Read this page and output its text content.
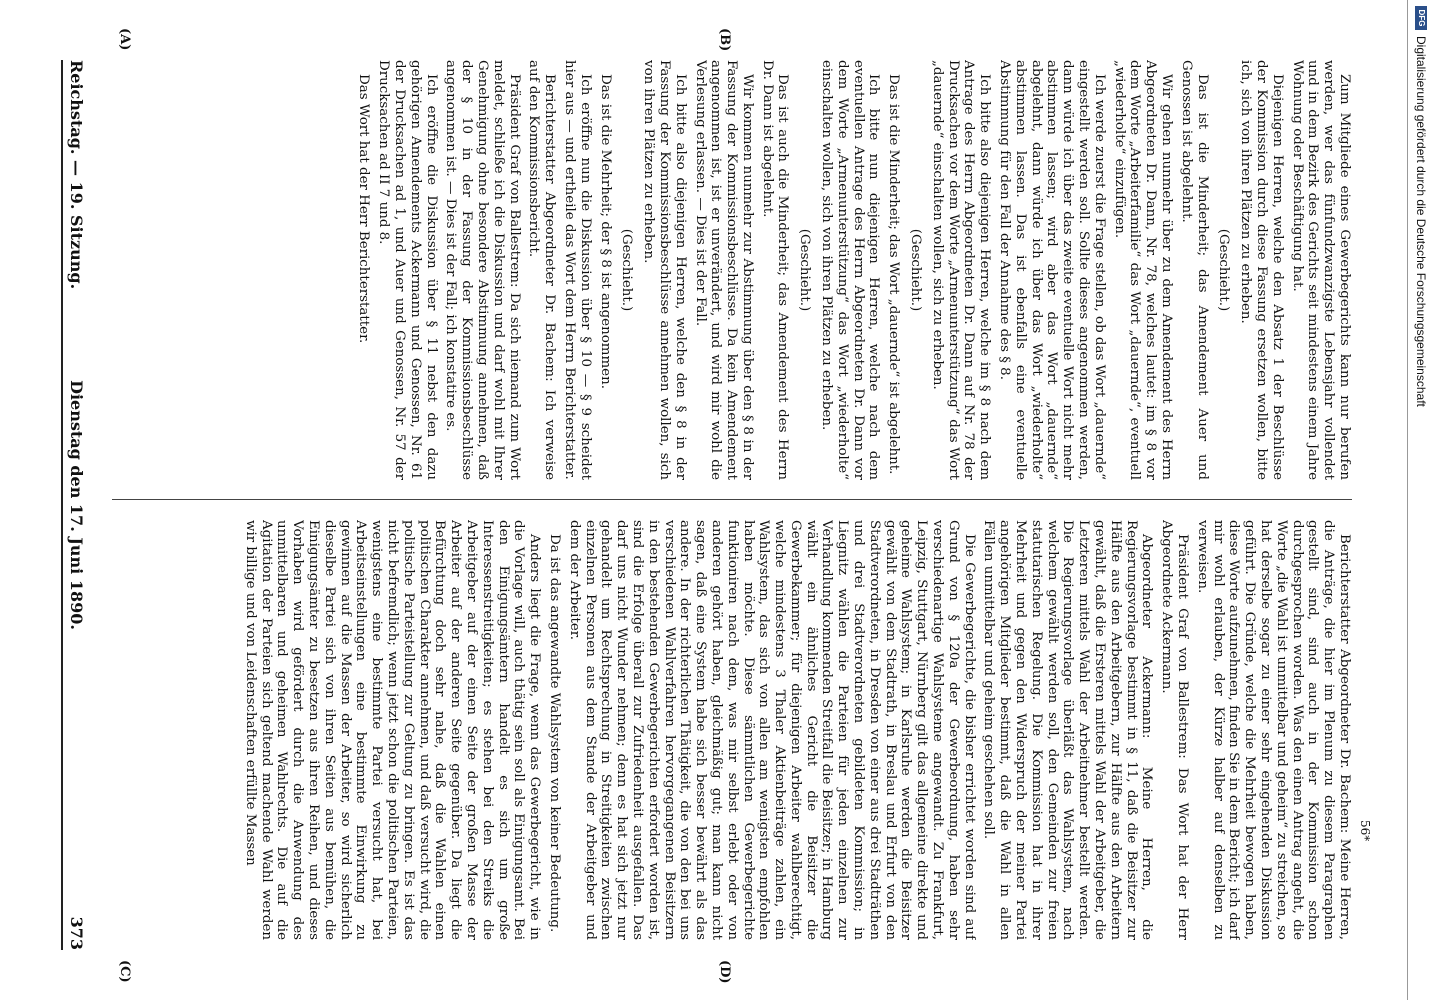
DFG
Digitalisierung gefördert durch die Deutsche Forschungsgemeinschaft
Reichstag. — 19. Sitzung.
Dienstag den 17. Juni 1890.
373
(A)	(B)
(C)	(D)

Zum Mitgliede eines Gewerbegerichts kann nur berufen werden, wer das fünfundzwanzigste Lebensjahr vollendet und in dem Bezirk des Gerichts seit mindestens einem Jahre Wohnung oder Beschäftigung hat.

Diejenigen Herren, welche den Absatz 1 der Beschlüsse der Kommission durch diese Fassung ersetzen wollen, bitte ich, sich von ihren Plätzen zu erheben.

(Geschieht.)

Das ist die Minderheit; das Amendement Auer und Genossen ist abgelehnt.

Wir gehen nunmehr über zu dem Amendement des Herrn Abgeordneten Dr. Dann, Nr. 78, welches lautet: im § 8 vor dem Worte „Arbeiterfamilie“ das Wort „dauernde“, eventuell „wiederholte“ einzufügen.

Ich werde zuerst die Frage stellen, ob das Wort „dauernde“ eingestellt werden soll. Sollte dieses angenommen werden, dann würde ich über das zweite eventuelle Wort nicht mehr abstimmen lassen; wird aber das Wort „dauernde“ abgelehnt, dann würde ich über das Wort „wiederholte“ abstimmen lassen. Das ist ebenfalls eine eventuelle Abstimmung für den Fall der Annahme des § 8.

Ich bitte also diejenigen Herren, welche im § 8 nach dem Antrage des Herrn Abgeordneten Dr. Dann auf Nr. 78 der Drucksachen vor dem Worte „Armenunterstützung“ das Wort „dauernde“ einschalten wollen, sich zu erheben.

(Geschieht.)

Das ist die Minderheit; das Wort „dauernde“ ist abgelehnt.

Ich bitte nun diejenigen Herren, welche nach dem eventuellen Antrage des Herrn Abgeordneten Dr. Dann vor dem Worte „Armenunterstützung“ das Wort „wiederholte“ einschalten wollen, sich von ihren Plätzen zu erheben.

(Geschieht.)

Das ist auch die Minderheit; das Amendement des Herrn Dr. Dann ist abgelehnt.

Wir kommen nunmehr zur Abstimmung über den § 8 in der Fassung der Kommissionsbeschlüsse. Da kein Amendement angenommen ist, ist er unverändert, und wird mir wohl die Verlesung erlassen. — Dies ist der Fall.

Ich bitte also diejenigen Herren, welche den § 8 in der Fassung der Kommissionsbeschlüsse annehmen wollen, sich von ihren Plätzen zu erheben.

(Geschieht.)

Das ist die Mehrheit; der § 8 ist angenommen.

Ich eröffne nun die Diskussion über § 10 — § 9 scheidet hier aus — und ertheile das Wort dem Herrn Berichterstatter.

Berichterstatter Abgeordneter Dr. Bachem: Ich verweise auf den Kommissionsbericht.

Präsident Graf von Ballestrem: Da sich niemand zum Wort meldet, schließe ich die Diskussion und darf wohl mit Ihrer Genehmigung ohne besondere Abstimmung annehmen, daß der § 10 in der Fassung der Kommissionsbeschlüsse angenommen ist. — Dies ist der Fall; ich konstatire es.

Ich eröffne die Diskussion über § 11 nebst den dazu gehörigen Amendements Ackermann und Genossen, Nr. 61 der Drucksachen ad 1, und Auer und Genossen, Nr. 57 der Drucksachen ad II 7 und 8.

Das Wort hat der Herr Berichterstatter.

Berichterstatter Abgeordneter Dr. Bachem: Meine Herren, die Anträge, die hier im Plenum zu diesem Paragraphen gestellt sind, sind auch in der Kommission schon durchgesprochen worden. Was den einen Antrag angeht, die Worte „die Wahl ist unmittelbar und geheim“ zu streichen, so hat derselbe sogar zu einer sehr eingehenden Diskussion geführt. Die Gründe, welche die Mehrheit bewogen haben, diese Worte aufzunehmen, finden Sie in dem Bericht; ich darf mir wohl erlauben, der Kürze halber auf denselben zu verweisen.

Präsident Graf von Ballestrem: Das Wort hat der Herr Abgeordnete Ackermann.

Abgeordneter Ackermann: Meine Herren, die Regierungsvorlage bestimmt in § 11, daß die Beisitzer zur Hälfte aus den Arbeitgebern, zur Hälfte aus den Arbeitern gewählt, daß die Ersteren mittels Wahl der Arbeitgeber, die Letzteren mittels Wahl der Arbeitnehmer bestellt werden. Die Regierungsvorlage überläßt das Wahlsystem, nach welchem gewählt werden soll, den Gemeinden zur freien statutarischen Regelung. Die Kommission hat in ihrer Mehrheit und gegen den Widerspruch der meiner Partei angehörigen Mitglieder bestimmt, daß die Wahl in allen Fällen unmittelbar und geheim geschehen soll.

Die Gewerbegerichte, die bisher errichtet worden sind auf Grund von § 120a der Gewerbeordnung, haben sehr verschiedenartige Wahlsysteme angewandt. Zu Frankfurt, Leipzig, Stuttgart, Nürnberg gilt das allgemeine direkte und geheime Wahlsystem; in Karlsruhe werden die Beisitzer gewählt von dem Stadtrath, in Breslau und Erfurt von den Stadtverordneten, in Dresden von einer aus drei Stadträthen und drei Stadtverordneten gebildeten Kommission; in Liegnitz wählen die Parteien für jeden einzelnen zur Verhandlung kommenden Streitfall die Beisitzer; in Hamburg wählt ein ähnliches Gericht die Beisitzer die Gewerbekammer; für diejenigen Arbeiter wahlberechtigt, welche mindestens 3 Thaler Aktienbeiträge zahlen, ein Wahlsystem, das sich von allen am wenigsten empfohlen haben möchte. Diese sämmtlichen Gewerbegerichte funktioniren nach dem, was mir selbst erlebt oder von anderen gehört haben, gleichmäßig gut; man kann nicht sagen, daß eine System habe sich besser bewährt als das andere. In der richterlichen Thätigkeit, die von den bei uns verschiedenen Wahlverfahren hervorgegangenen Beisitzern in den bestehenden Gewerbegerichten erfordert worden ist, sind die Erfolge überall zur Zufriedenheit ausgefallen. Das darf uns nicht Wunder nehmen; denn es hat sich jetzt nur gehandelt um Rechtsprechung in Streitigkeiten zwischen einzelnen Personen aus dem Stande der Arbeitgeber und dem der Arbeiter.

Da ist das angewandte Wahlsystem von keiner Bedeutung.

Anders liegt die Frage, wenn das Gewerbegericht, wie in die Vorlage will, auch thätig sein soll als Einigungsamt. Bei den Einigungsämtern handelt es sich um große Interessenstreitigkeiten; es stehen bei den Streiks die Arbeitgeber auf der einen Seite der großen Masse der Arbeiter auf der anderen Seite gegenüber. Da liegt die Befürchtung doch sehr nahe, daß die Wahlen einen politischen Charakter annehmen, und daß versucht wird, die politische Parteistellung zur Geltung zu bringen. Es ist das nicht befremdlich; wenn jetzt schon die politischen Parteien, wenigstens eine bestimmte Partei versucht hat, bei Arbeitseinstellungen eine bestimmte Einwirkung zu gewinnen auf die Massen der Arbeiter, so wird sicherlich dieselbe Partei sich von ihren Seiten aus bemühen, die Einigungsämter zu besetzen aus ihren Reihen, und dieses Vorhaben wird gefördert durch die Anwendung des unmittelbaren und geheimen Wahlrechts. Die auf die Agitation der Parteien sich geltend machende Wahl werden wir billige und von Leidenschaften erfüllte Massen	56*
